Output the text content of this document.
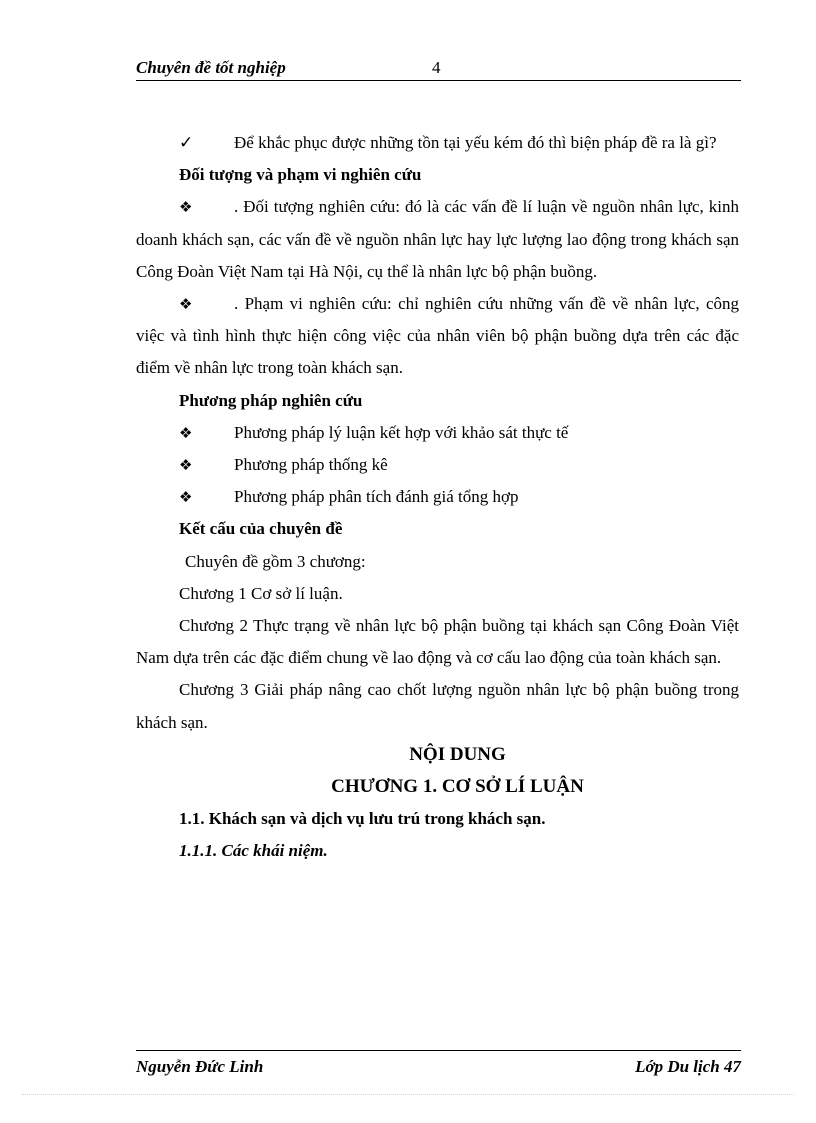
Chuyên đề tốt nghiệp	4

✓ Để khắc phục được những tồn tại yếu kém đó thì biện pháp đề ra là gì?

Đối tượng và phạm vi nghiên cứu

❖ . Đối tượng nghiên cứu: đó là các vấn đề lí luận về nguồn nhân lực, kinh doanh khách sạn, các vấn đề về nguồn nhân lực hay lực lượng lao động trong khách sạn Công Đoàn Việt Nam tại Hà Nội, cụ thể là nhân lực bộ phận buồng.

❖ . Phạm vi nghiên cứu: chỉ nghiên cứu những vấn đề về nhân lực, công việc và tình hình thực hiện công việc của nhân viên bộ phận buồng dựa trên các đặc điểm về nhân lực trong toàn khách sạn.

Phương pháp nghiên cứu

❖	Phương pháp lý luận kết hợp với khảo sát thực tế
❖	Phương pháp thống kê
❖	Phương pháp phân tích đánh giá tổng hợp

Kết cấu của chuyên đề

Chuyên đề gồm 3 chương:

Chương 1 Cơ sở lí luận.

Chương 2 Thực trạng về nhân lực bộ phận buồng tại khách sạn Công Đoàn Việt Nam dựa trên các đặc điểm chung về lao động và cơ cấu lao động của toàn khách sạn.

Chương 3 Giải pháp nâng cao chốt lượng nguồn nhân lực bộ phận buồng trong khách sạn.

NỘI DUNG

CHƯƠNG 1. CƠ SỞ LÍ LUẬN

1.1. Khách sạn và dịch vụ lưu trú trong khách sạn.

1.1.1. Các khái niệm.

Nguyễn Đức Linh	Lớp Du lịch 47
